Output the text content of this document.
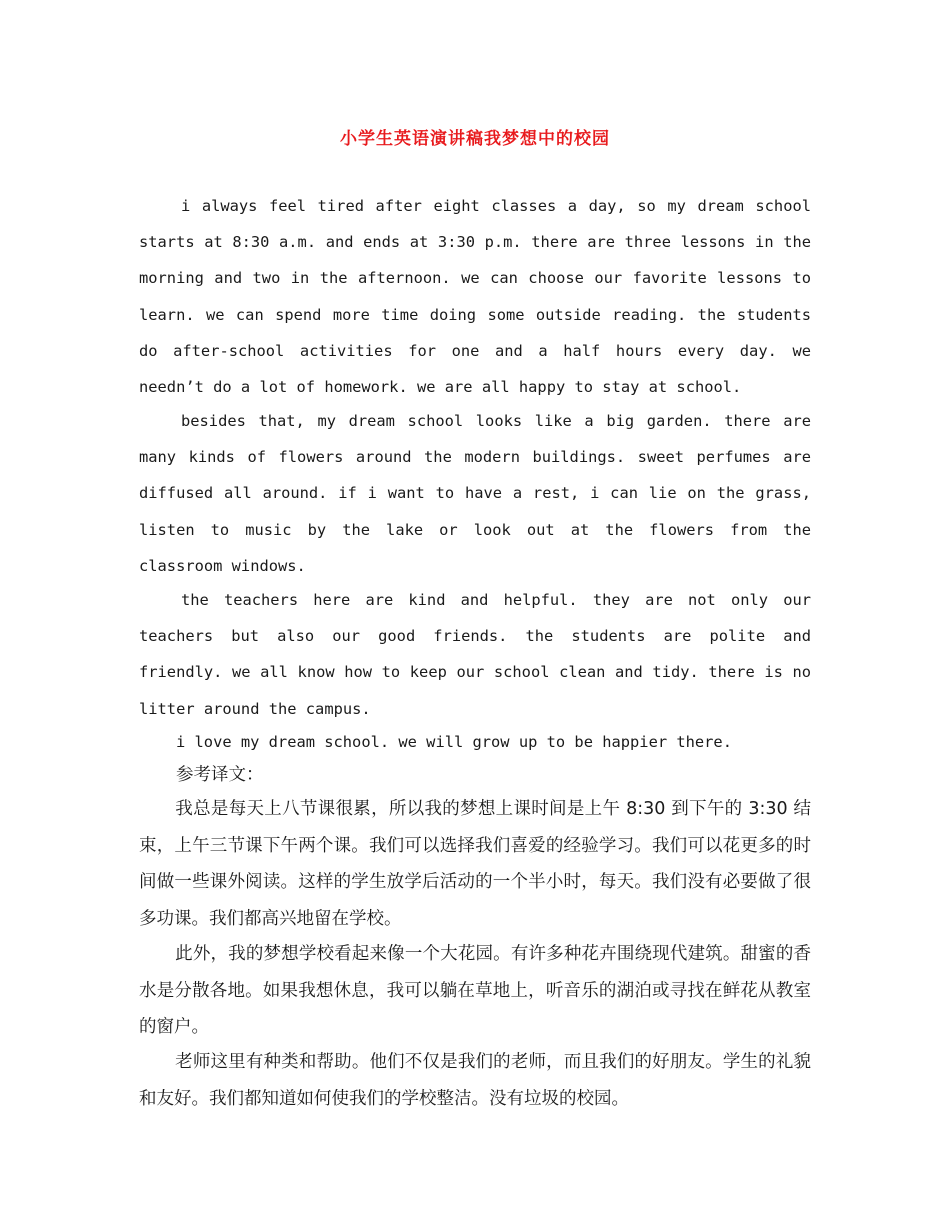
小学生英语演讲稿我梦想中的校园
i always feel tired after eight classes a day, so my dream school starts at 8:30 a.m. and ends at 3:30 p.m. there are three lessons in the morning and two in the afternoon. we can choose our favorite lessons to learn. we can spend more time doing some outside reading. the students do after-school activities for one and a half hours every day. we needn’t do a lot of homework. we are all happy to stay at school.
besides that, my dream school looks like a big garden. there are many kinds of flowers around the modern buildings. sweet perfumes are diffused all around. if i want to have a rest, i can lie on the grass, listen to music by the lake or look out at the flowers from the classroom windows.
the teachers here are kind and helpful. they are not only our teachers but also our good friends. the students are polite and friendly. we all know how to keep our school clean and tidy. there is no litter around the campus.
i love my dream school. we will grow up to be happier there.
参考译文：
我总是每天上八节课很累，所以我的梦想上课时间是上午 8:30 到下午的 3:30 结束，上午三节课下午两个课。我们可以选择我们喜爱的经验学习。我们可以花更多的时间做一些课外阅读。这样的学生放学后活动的一个半小时，每天。我们没有必要做了很多功课。我们都高兴地留在学校。
此外，我的梦想学校看起来像一个大花园。有许多种花卉围绕现代建筑。甜蜜的香水是分散各地。如果我想休息，我可以躺在草地上，听音乐的湖泊或寻找在鲜花从教室的窗户。
老师这里有种类和帮助。他们不仅是我们的老师，而且我们的好朋友。学生的礼貌和友好。我们都知道如何使我们的学校整洁。没有垃圾的校园。
